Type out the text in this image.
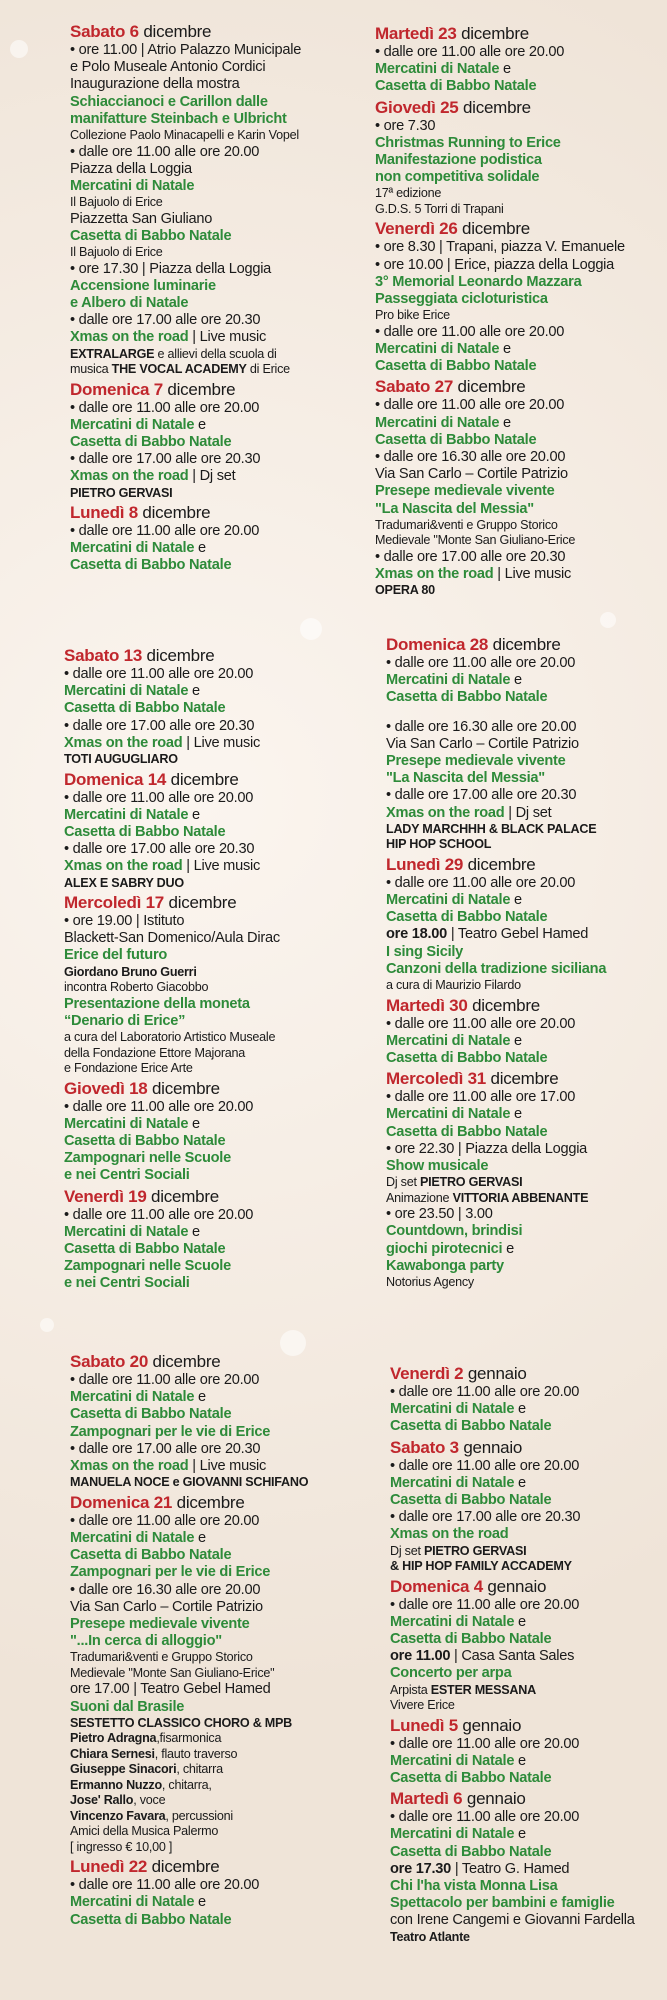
Sabato 6 dicembre
• ore 11.00 | Atrio Palazzo Municipale
e Polo Museale Antonio Cordici
Inaugurazione della mostra
Schiaccianoci e Carillon dalle
manifatture Steinbach e Ulbricht
Collezione Paolo Minacapelli e Karin Vopel
• dalle ore 11.00 alle ore 20.00
Piazza della Loggia
Mercatini di Natale
Il Bajuolo di Erice
Piazzetta San Giuliano
Casetta di Babbo Natale
Il Bajuolo di Erice
• ore 17.30 | Piazza della Loggia
Accensione luminarie
e Albero di Natale
• dalle ore 17.00 alle ore 20.30
Xmas on the road | Live music
EXTRALARGE e allievi della scuola di
musica THE VOCAL ACADEMY di Erice
Domenica 7 dicembre
• dalle ore 11.00 alle ore 20.00
Mercatini di Natale e
Casetta di Babbo Natale
• dalle ore 17.00 alle ore 20.30
Xmas on the road | Dj set
PIETRO GERVASI
Lunedì 8 dicembre
• dalle ore 11.00 alle ore 20.00
Mercatini di Natale e
Casetta di Babbo Natale
Martedì 23 dicembre
• dalle ore 11.00 alle ore 20.00
Mercatini di Natale e
Casetta di Babbo Natale
Giovedì 25 dicembre
• ore 7.30
Christmas Running to Erice
Manifestazione podistica
non competitiva solidale
17ª edizione
G.D.S. 5 Torri di Trapani
Venerdì 26 dicembre
• ore 8.30 | Trapani, piazza V. Emanuele
• ore 10.00 | Erice, piazza della Loggia
3° Memorial Leonardo Mazzara
Passeggiata cicloturistica
Pro bike Erice
• dalle ore 11.00 alle ore 20.00
Mercatini di Natale e
Casetta di Babbo Natale
Sabato 27 dicembre
• dalle ore 11.00 alle ore 20.00
Mercatini di Natale e
Casetta di Babbo Natale
• dalle ore 16.30 alle ore 20.00
Via San Carlo – Cortile Patrizio
Presepe medievale vivente
"La Nascita del Messia"
Tradumari&venti e Gruppo Storico
Medievale "Monte San Giuliano-Erice
• dalle ore 17.00 alle ore 20.30
Xmas on the road | Live music
OPERA 80
Sabato 13 dicembre
• dalle ore 11.00 alle ore 20.00
Mercatini di Natale e
Casetta di Babbo Natale
• dalle ore 17.00 alle ore 20.30
Xmas on the road | Live music
TOTI AUGUGLIARO
Domenica 14 dicembre
• dalle ore 11.00 alle ore 20.00
Mercatini di Natale e
Casetta di Babbo Natale
• dalle ore 17.00 alle ore 20.30
Xmas on the road | Live music
ALEX E SABRY DUO
Mercoledì 17 dicembre
• ore 19.00 | Istituto
Blackett-San Domenico/Aula Dirac
Erice del futuro
Giordano Bruno Guerri
incontra Roberto Giacobbo
Presentazione della moneta
“Denario di Erice”
a cura del Laboratorio Artistico Museale
della Fondazione Ettore Majorana
e Fondazione Erice Arte
Giovedì 18 dicembre
• dalle ore 11.00 alle ore 20.00
Mercatini di Natale e
Casetta di Babbo Natale
Zampognari nelle Scuole
e nei Centri Sociali
Venerdì 19 dicembre
• dalle ore 11.00 alle ore 20.00
Mercatini di Natale e
Casetta di Babbo Natale
Zampognari nelle Scuole
e nei Centri Sociali
Domenica 28 dicembre
• dalle ore 11.00 alle ore 20.00
Mercatini di Natale e
Casetta di Babbo Natale
• dalle ore 16.30 alle ore 20.00
Via San Carlo – Cortile Patrizio
Presepe medievale vivente
"La Nascita del Messia"
• dalle ore 17.00 alle ore 20.30
Xmas on the road | Dj set
LADY MARCHHH & BLACK PALACE
HIP HOP SCHOOL
Lunedì 29 dicembre
• dalle ore 11.00 alle ore 20.00
Mercatini di Natale e
Casetta di Babbo Natale
ore 18.00 | Teatro Gebel Hamed
I sing Sicily
Canzoni della tradizione siciliana
a cura di Maurizio Filardo
Martedì 30 dicembre
• dalle ore 11.00 alle ore 20.00
Mercatini di Natale e
Casetta di Babbo Natale
Mercoledì 31 dicembre
• dalle ore 11.00 alle ore 17.00
Mercatini di Natale e
Casetta di Babbo Natale
• ore 22.30 | Piazza della Loggia
Show musicale
Dj set PIETRO GERVASI
Animazione VITTORIA ABBENANTE
• ore 23.50 | 3.00
Countdown, brindisi
giochi pirotecnici e
Kawabonga party
Notorius Agency
Sabato 20 dicembre
• dalle ore 11.00 alle ore 20.00
Mercatini di Natale e
Casetta di Babbo Natale
Zampognari per le vie di Erice
• dalle ore 17.00 alle ore 20.30
Xmas on the road | Live music
MANUELA NOCE e GIOVANNI SCHIFANO
Domenica 21 dicembre
• dalle ore 11.00 alle ore 20.00
Mercatini di Natale e
Casetta di Babbo Natale
Zampognari per le vie di Erice
• dalle ore 16.30 alle ore 20.00
Via San Carlo – Cortile Patrizio
Presepe medievale vivente
"...In cerca di alloggio"
Tradumari&venti e Gruppo Storico
Medievale "Monte San Giuliano-Erice"
ore 17.00 | Teatro Gebel Hamed
Suoni dal Brasile
SESTETTO CLASSICO CHORO & MPB
Pietro Adragna,fisarmonica
Chiara Sernesi, flauto traverso
Giuseppe Sinacori, chitarra
Ermanno Nuzzo, chitarra,
Jose' Rallo, voce
Vincenzo Favara, percussioni
Amici della Musica Palermo
[ ingresso € 10,00 ]
Lunedì 22 dicembre
• dalle ore 11.00 alle ore 20.00
Mercatini di Natale e
Casetta di Babbo Natale
Venerdì 2 gennaio
• dalle ore 11.00 alle ore 20.00
Mercatini di Natale e
Casetta di Babbo Natale
Sabato 3 gennaio
• dalle ore 11.00 alle ore 20.00
Mercatini di Natale e
Casetta di Babbo Natale
• dalle ore 17.00 alle ore 20.30
Xmas on the road
Dj set PIETRO GERVASI
& HIP HOP FAMILY ACCADEMY
Domenica 4 gennaio
• dalle ore 11.00 alle ore 20.00
Mercatini di Natale e
Casetta di Babbo Natale
ore 11.00 | Casa Santa Sales
Concerto per arpa
Arpista ESTER MESSANA
Vivere Erice
Lunedì 5 gennaio
• dalle ore 11.00 alle ore 20.00
Mercatini di Natale e
Casetta di Babbo Natale
Martedì 6 gennaio
• dalle ore 11.00 alle ore 20.00
Mercatini di Natale e
Casetta di Babbo Natale
ore 17.30 | Teatro G. Hamed
Chi l'ha vista Monna Lisa
Spettacolo per bambini e famiglie
con Irene Cangemi e Giovanni Fardella
Teatro Atlante
